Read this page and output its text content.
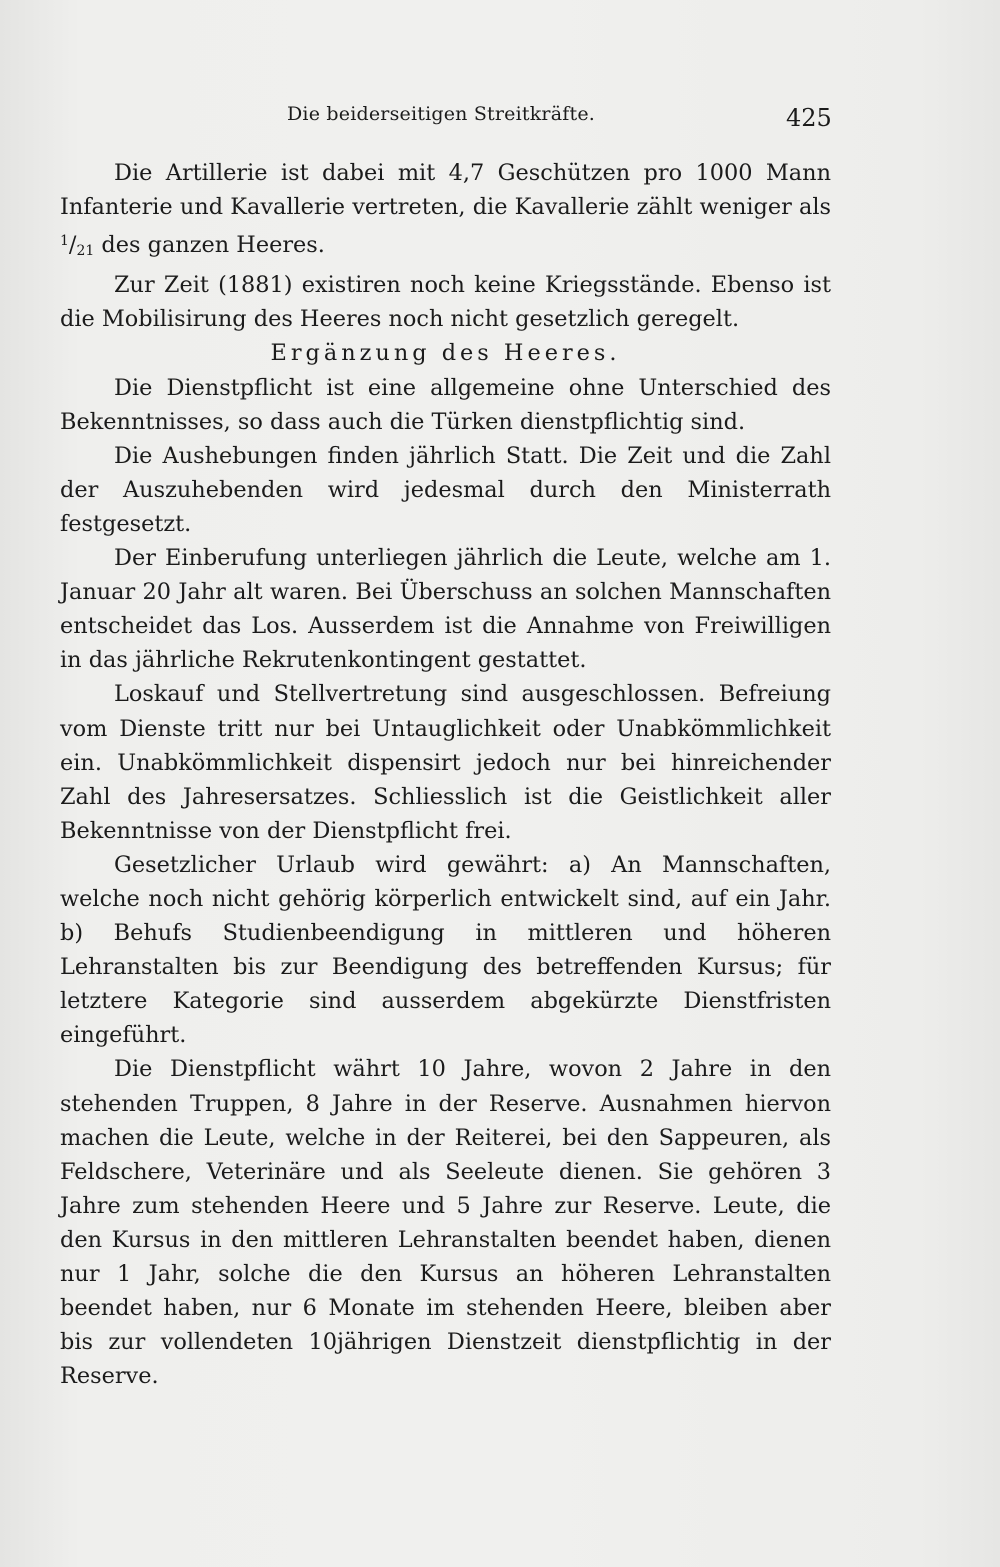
Die beiderseitigen Streitkräfte.	425

Die Artillerie ist dabei mit 4,7 Geschützen pro 1000 Mann Infanterie und Kavallerie vertreten, die Kavallerie zählt weniger als $^1$/21 des ganzen Heeres.

Zur Zeit (1881) existiren noch keine Kriegsstände. Ebenso ist die Mobilisirung des Heeres noch nicht gesetzlich geregelt.

Ergänzung des Heeres.

Die Dienstpflicht ist eine allgemeine ohne Unterschied des Bekenntnisses, so dass auch die Türken dienstpflichtig sind.

Die Aushebungen finden jährlich Statt. Die Zeit und die Zahl der Auszuhebenden wird jedesmal durch den Ministerrath festgesetzt.

Der Einberufung unterliegen jährlich die Leute, welche am 1. Januar 20 Jahr alt waren. Bei Überschuss an solchen Mannschaften entscheidet das Los. Ausserdem ist die Annahme von Freiwilligen in das jährliche Rekrutenkontingent gestattet.

Loskauf und Stellvertretung sind ausgeschlossen. Befreiung vom Dienste tritt nur bei Untauglichkeit oder Unabkömmlichkeit ein. Unabkömmlichkeit dispensirt jedoch nur bei hinreichender Zahl des Jahresersatzes. Schliesslich ist die Geistlichkeit aller Bekenntnisse von der Dienstpflicht frei.

Gesetzlicher Urlaub wird gewährt: a) An Mannschaften, welche noch nicht gehörig körperlich entwickelt sind, auf ein Jahr. b) Behufs Studienbeendigung in mittleren und höheren Lehranstalten bis zur Beendigung des betreffenden Kursus; für letztere Kategorie sind ausserdem abgekürzte Dienstfristen eingeführt.

Die Dienstpflicht währt 10 Jahre, wovon 2 Jahre in den stehenden Truppen, 8 Jahre in der Reserve. Ausnahmen hiervon machen die Leute, welche in der Reiterei, bei den Sappeuren, als Feldschere, Veterinäre und als Seeleute dienen. Sie gehören 3 Jahre zum stehenden Heere und 5 Jahre zur Reserve. Leute, die den Kursus in den mittleren Lehranstalten beendet haben, dienen nur 1 Jahr, solche die den Kursus an höheren Lehranstalten beendet haben, nur 6 Monate im stehenden Heere, bleiben aber bis zur vollendeten 10jährigen Dienstzeit dienstpflichtig in der Reserve.
